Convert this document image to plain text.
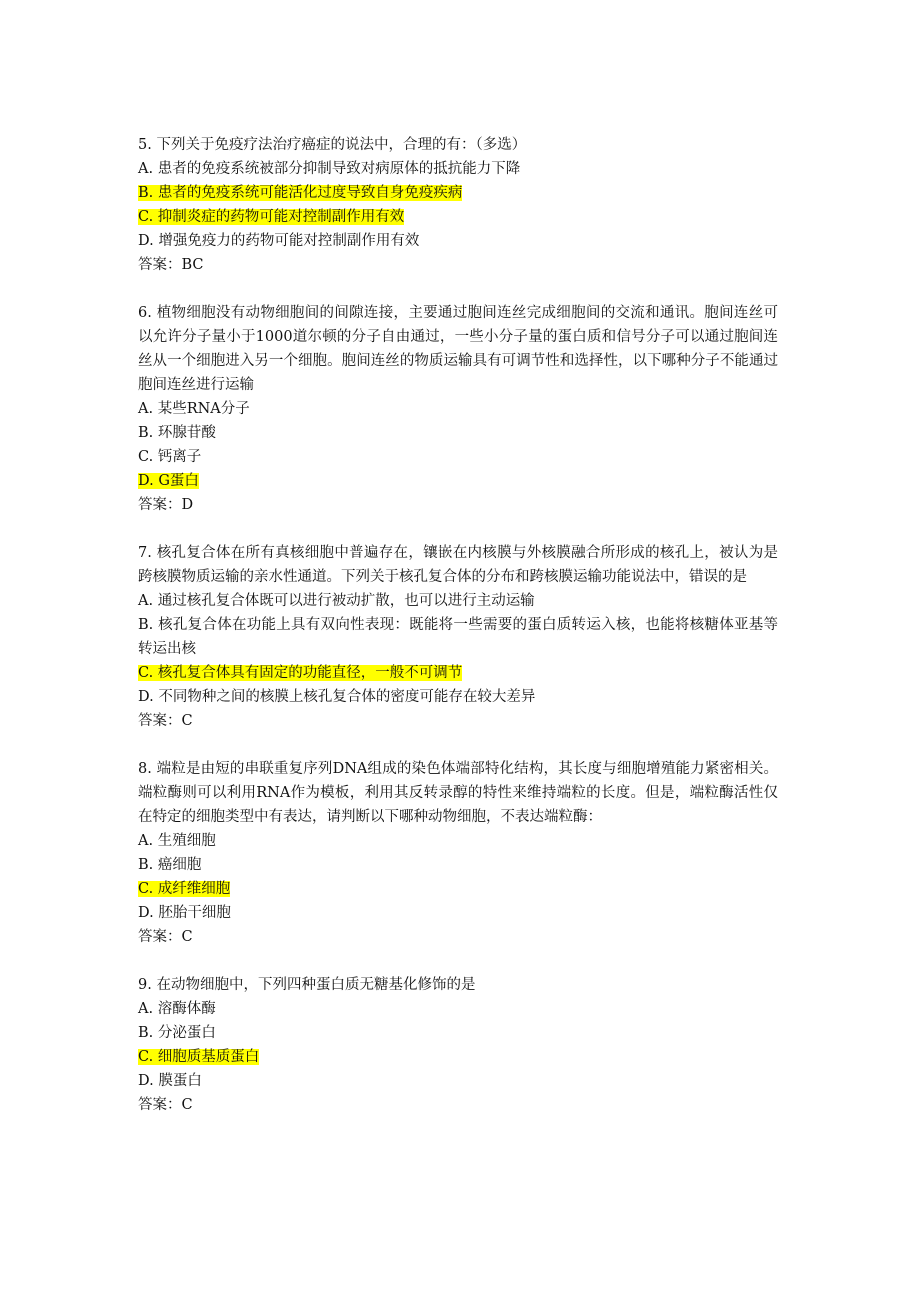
5. 下列关于免疫疗法治疗癌症的说法中，合理的有：（多选）

A. 患者的免疫系统被部分抑制导致对病原体的抵抗能力下降

B. 患者的免疫系统可能活化过度导致自身免疫疾病

C. 抑制炎症的药物可能对控制副作用有效

D. 增强免疫力的药物可能对控制副作用有效

答案：BC

6. 植物细胞没有动物细胞间的间隙连接，主要通过胞间连丝完成细胞间的交流和通讯。胞间连丝可以允许分子量小于1000道尔顿的分子自由通过，一些小分子量的蛋白质和信号分子可以通过胞间连丝从一个细胞进入另一个细胞。胞间连丝的物质运输具有可调节性和选择性，以下哪种分子不能通过胞间连丝进行运输

A. 某些RNA分子

B. 环腺苷酸

C. 钙离子

D. G蛋白

答案：D

7. 核孔复合体在所有真核细胞中普遍存在，镶嵌在内核膜与外核膜融合所形成的核孔上，被认为是跨核膜物质运输的亲水性通道。下列关于核孔复合体的分布和跨核膜运输功能说法中，错误的是

A. 通过核孔复合体既可以进行被动扩散，也可以进行主动运输

B. 核孔复合体在功能上具有双向性表现：既能将一些需要的蛋白质转运入核，也能将核糖体亚基等转运出核

C. 核孔复合体具有固定的功能直径，一般不可调节

D. 不同物种之间的核膜上核孔复合体的密度可能存在较大差异

答案：C

8. 端粒是由短的串联重复序列DNA组成的染色体端部特化结构，其长度与细胞增殖能力紧密相关。端粒酶则可以利用RNA作为模板，利用其反转录醇的特性来维持端粒的长度。但是，端粒酶活性仅在特定的细胞类型中有表达，请判断以下哪种动物细胞，不表达端粒酶：

A. 生殖细胞

B. 癌细胞

C. 成纤维细胞

D. 胚胎干细胞

答案：C

9. 在动物细胞中，下列四种蛋白质无糖基化修饰的是

A. 溶酶体酶

B. 分泌蛋白

C. 细胞质基质蛋白

D. 膜蛋白

答案：C
